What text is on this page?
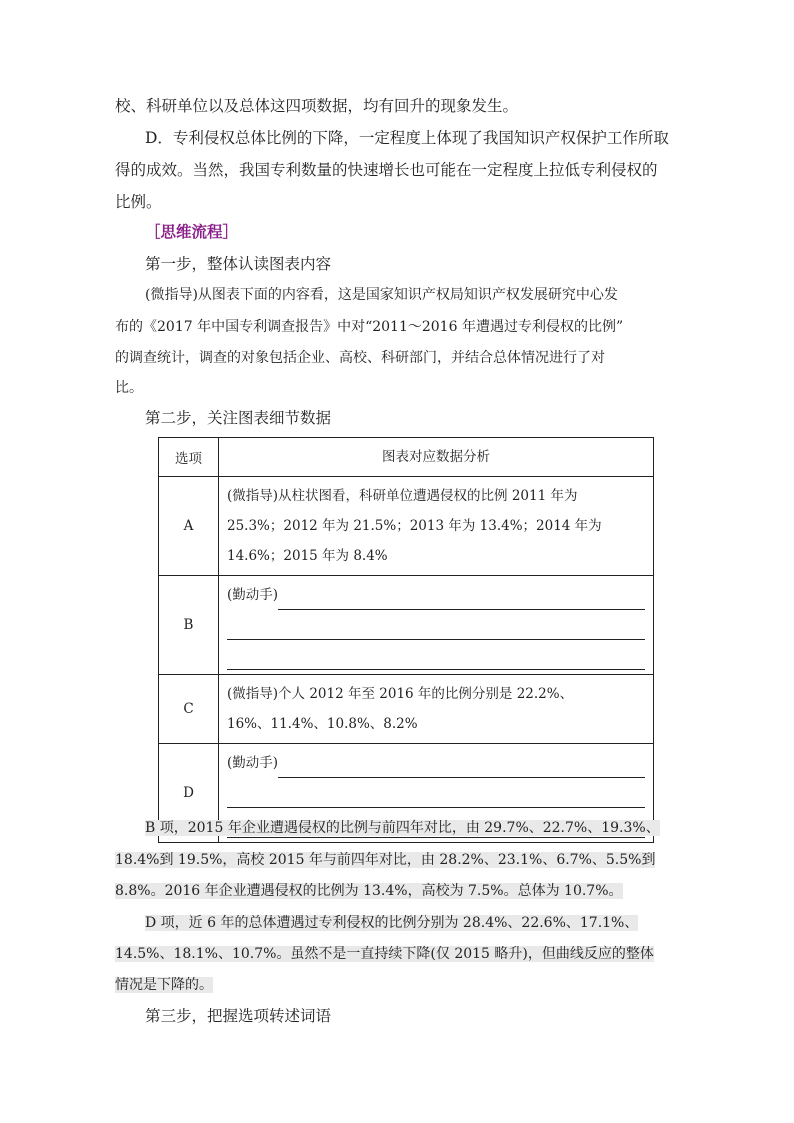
校、科研单位以及总体这四项数据，均有回升的现象发生。
D．专利侵权总体比例的下降，一定程度上体现了我国知识产权保护工作所取
得的成效。当然，我国专利数量的快速增长也可能在一定程度上拉低专利侵权的
比例。
［思维流程］
第一步，整体认读图表内容
(微指导)从图表下面的内容看，这是国家知识产权局知识产权发展研究中心发
布的《2017 年中国专利调查报告》中对“2011～2016 年遭遇过专利侵权的比例”
的调查统计，调查的对象包括企业、高校、科研部门，并结合总体情况进行了对
比。
第二步，关注图表细节数据
选项	图表对应数据分析
A	(微指导)从柱状图看，科研单位遭遇侵权的比例 2011 年为
25.3%；2012 年为 21.5%；2013 年为 13.4%；2014 年为
14.6%；2015 年为 8.4%

B	(勤动手)

C	(微指导)个人 2012 年至 2016 年的比例分别是 22.2%、
16%、11.4%、10.8%、8.2%

D	(勤动手)
B 项，2015 年企业遭遇侵权的比例与前四年对比，由 29.7%、22.7%、19.3%、
18.4%到 19.5%，高校 2015 年与前四年对比，由 28.2%、23.1%、6.7%、5.5%到
8.8%。2016 年企业遭遇侵权的比例为 13.4%，高校为 7.5%。总体为 10.7%。
D 项，近 6 年的总体遭遇过专利侵权的比例分别为 28.4%、22.6%、17.1%、
14.5%、18.1%、10.7%。虽然不是一直持续下降(仅 2015 略升)，但曲线反应的整体
情况是下降的。
第三步，把握选项转述词语
